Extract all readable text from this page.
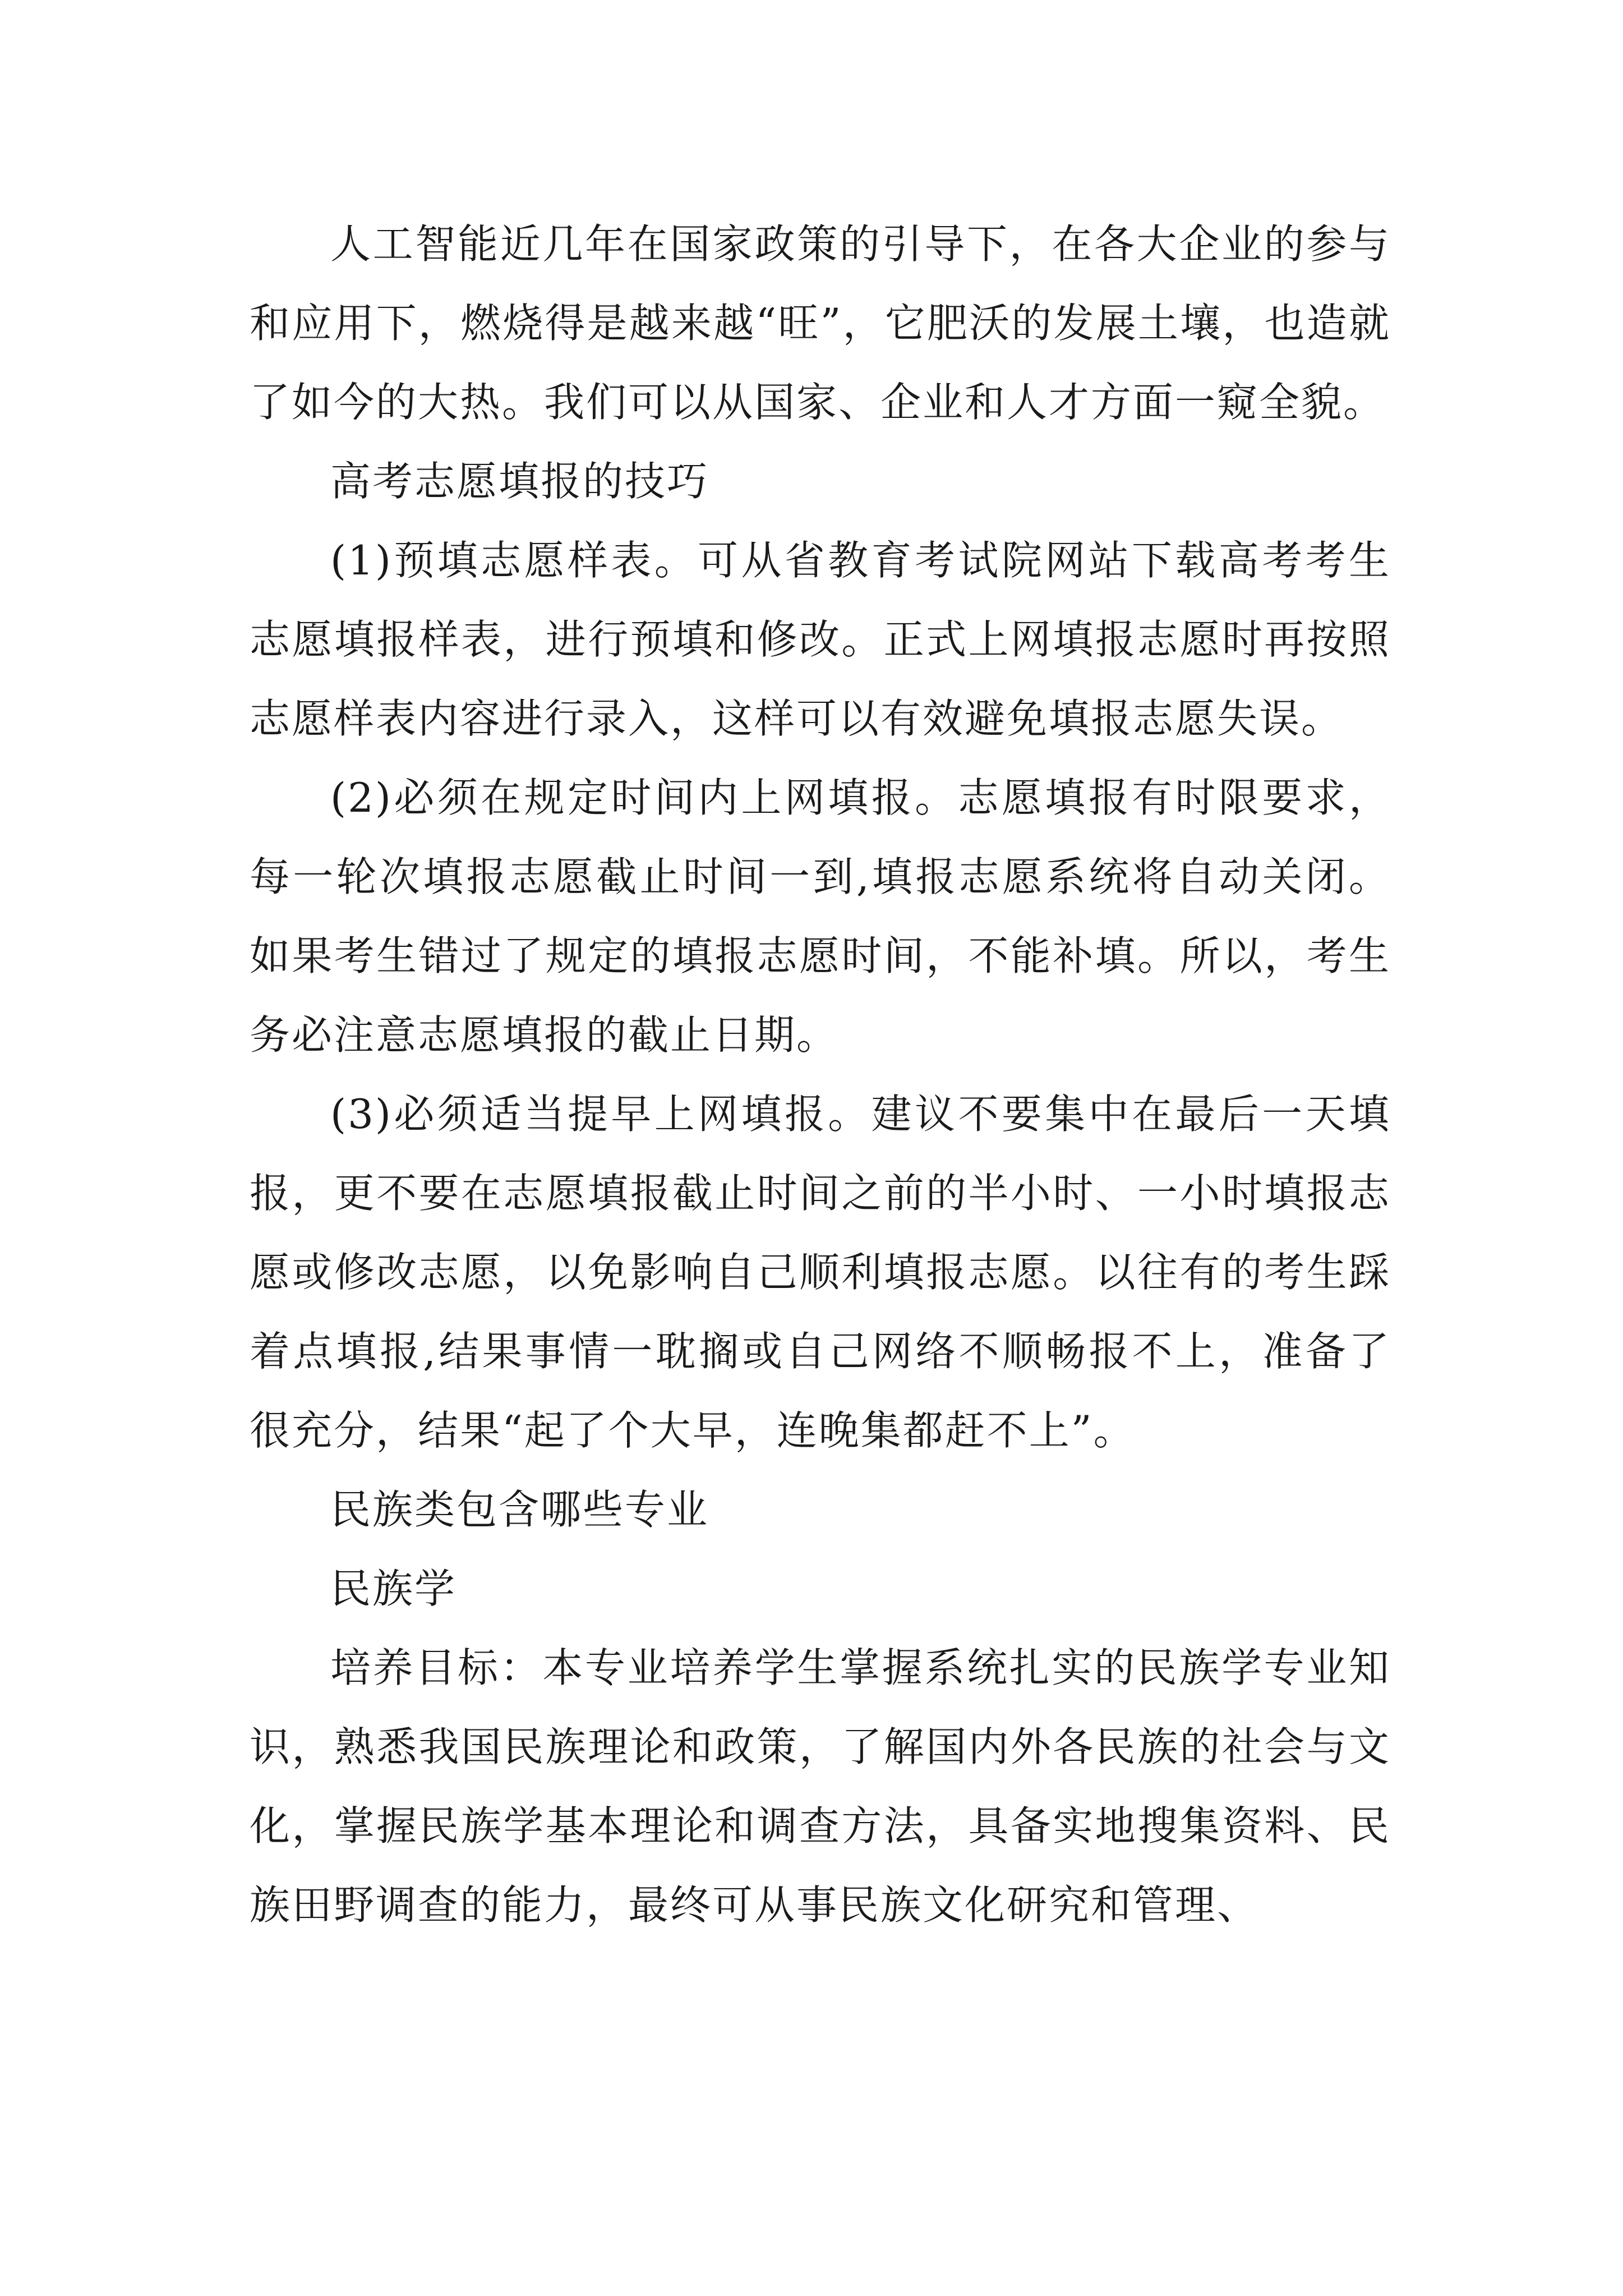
人工智能近几年在国家政策的引导下，在各大企业的参与和应用下，燃烧得是越来越“旺”，它肥沃的发展土壤，也造就了如今的大热。我们可以从国家、企业和人才方面一窥全貌。

高考志愿填报的技巧

(1)预填志愿样表。可从省教育考试院网站下载高考考生志愿填报样表，进行预填和修改。正式上网填报志愿时再按照志愿样表内容进行录入，这样可以有效避免填报志愿失误。

(2)必须在规定时间内上网填报。志愿填报有时限要求，每一轮次填报志愿截止时间一到,填报志愿系统将自动关闭。如果考生错过了规定的填报志愿时间，不能补填。所以，考生务必注意志愿填报的截止日期。

(3)必须适当提早上网填报。建议不要集中在最后一天填报，更不要在志愿填报截止时间之前的半小时、一小时填报志愿或修改志愿，以免影响自己顺利填报志愿。以往有的考生踩着点填报,结果事情一耽搁或自己网络不顺畅报不上，准备了很充分，结果“起了个大早，连晚集都赶不上”。

民族类包含哪些专业

民族学

培养目标：本专业培养学生掌握系统扎实的民族学专业知识，熟悉我国民族理论和政策，了解国内外各民族的社会与文化，掌握民族学基本理论和调查方法，具备实地搜集资料、民族田野调查的能力，最终可从事民族文化研究和管理、
